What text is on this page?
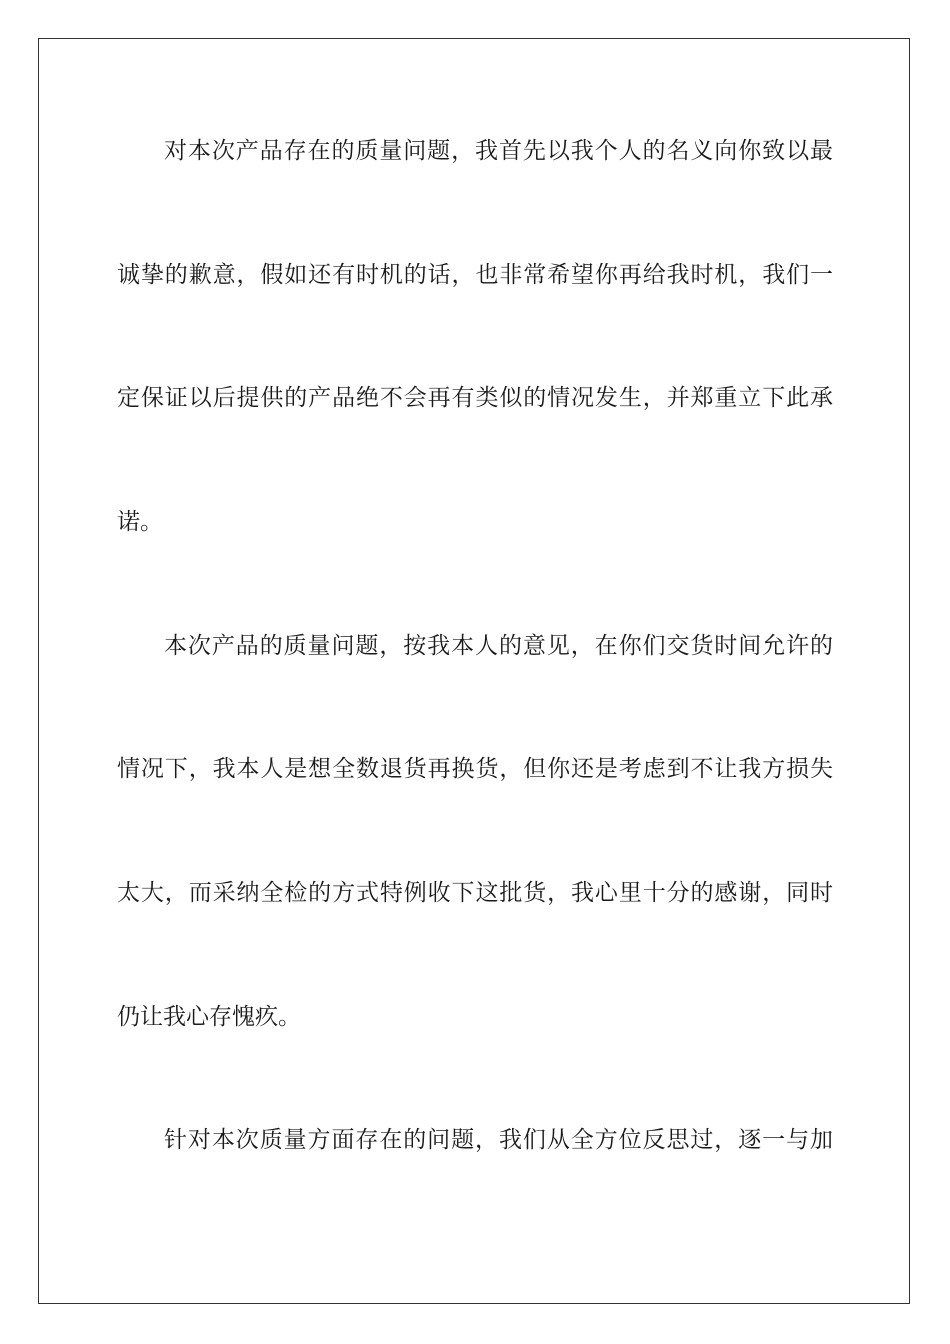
对本次产品存在的质量问题，我首先以我个人的名义向你致以最
诚挚的歉意，假如还有时机的话，也非常希望你再给我时机，我们一
定保证以后提供的产品绝不会再有类似的情况发生，并郑重立下此承
诺。
本次产品的质量问题，按我本人的意见，在你们交货时间允许的
情况下，我本人是想全数退货再换货，但你还是考虑到不让我方损失
太大，而采纳全检的方式特例收下这批货，我心里十分的感谢，同时
仍让我心存愧疚。
针对本次质量方面存在的问题，我们从全方位反思过，逐一与加
